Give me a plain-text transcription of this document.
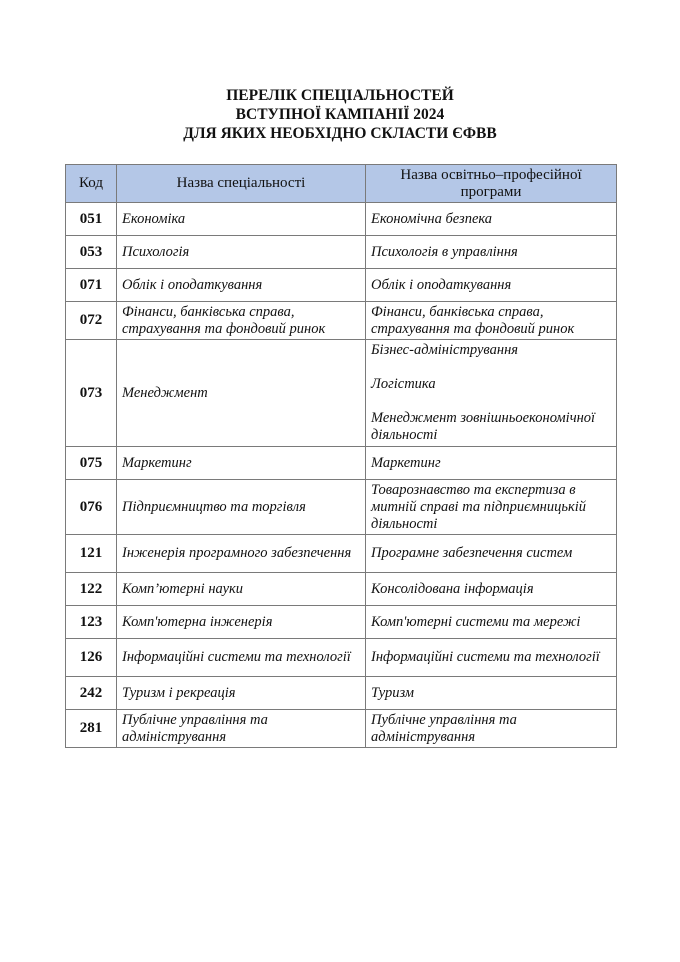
ПЕРЕЛІК СПЕЦІАЛЬНОСТЕЙ
ВСТУПНОЇ КАМПАНІЇ 2024
ДЛЯ ЯКИХ НЕОБХІДНО СКЛАСТИ ЄФВВ
Код	Назва спеціальності	Назва освітньо–професійної програми
051	Економіка	Економічна безпека

053	Психологія	Психологія в управління

071	Облік і оподаткування	Облік і оподаткування

072	Фінанси, банківська справа, страхування та фондовий ринок	Фінанси, банківська справа, страхування та фондовий ринок

073	Менеджмент	Бізнес-адміністрування
Логістика
Менеджмент зовнішньоекономічної діяльності

075	Маркетинг	Маркетинг

076	Підприємництво та торгівля	Товарознавство та експертиза в митній справі та підприємницькій діяльності

121	Інженерія програмного забезпечення	Програмне забезпечення систем

122	Комп’ютерні науки	Консолідована інформація

123	Комп'ютерна інженерія	Комп'ютерні системи та мережі

126	Інформаційні системи та технології	Інформаційні системи та технології

242	Туризм і рекреація	Туризм

281	Публічне управління та адміністрування	Публічне управління та адміністрування
